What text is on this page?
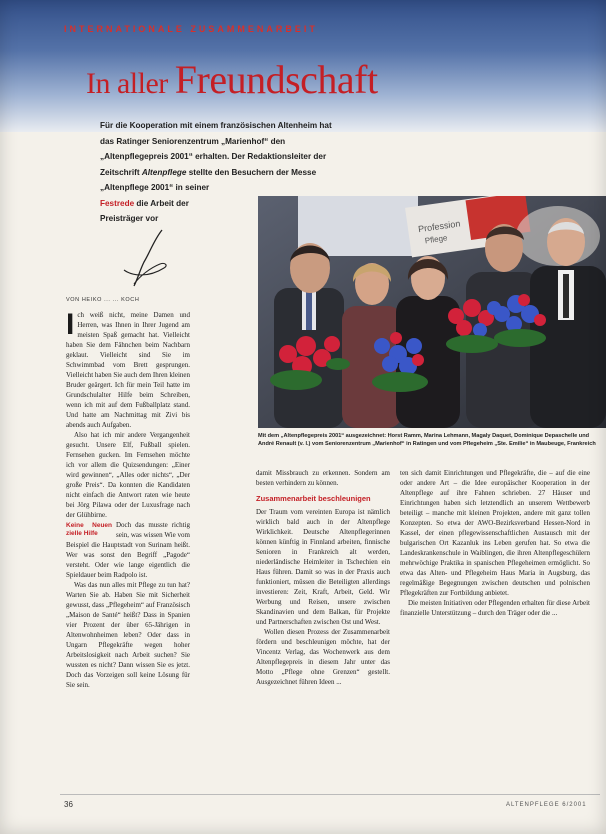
INTERNATIONALE ZUSAMMENARBEIT
In aller Freundschaft
Für die Kooperation mit einem französischen Altenheim hat
das Ratinger Seniorenzentrum „Marienhof“ den
„Altenpflegepreis 2001“ erhalten. Der Redaktionsleiter der
Zeitschrift Altenpflege stellte den Besuchern der Messe
„Altenpflege 2001“ in seiner
Festrede die Arbeit der
Preisträger vor
VON HEIKO ... ... KOCH
Ich weiß nicht, meine Damen und Herren, was Ihnen in Ihrer Jugend am meisten Spaß gemacht hat. Vielleicht haben Sie dem Fähnchen beim Nachbarn geklaut. Vielleicht sind Sie im Schwimmbad vom Brett gesprungen. Vielleicht haben Sie auch dem Ihren kleinen Bruder geärgert. Ich für mein Teil hatte im Grundschulalter Hilfe beim Schreiben, wenn ich mit auf dem Fußballplatz stand. Und hatte am Nachmittag mit Zivi bis abends auch Aufgaben.

Also hat ich mir andere Vergangenheit gesucht. Unsere Elf, Fußball spielen. Fernsehen gucken. Im Fernsehen möchte ich vor allem die Quizsendungen: „Einer wird gewinnen“, „Alles oder nichts“, „Der große Preis“. Da konnten die Kandidaten nicht einfach die Antwort raten wie heute bei Jörg Pilawa oder der Luxusfrage nach der Glühbirne.

Keine Neuen zielle Hilfe

Doch das musste richtig sein, was wissen Wie vom Beispiel die Hauptstadt von Surinam heißt. Wer was sonst den Begriff „Pagode“ versteht. Oder wie lange eigentlich die Spieldauer beim Radpolo ist.

Was das nun alles mit Pflege zu tun hat? Warten Sie ab. Haben Sie mit Sicherheit gewusst, dass „Pflegeheim“ auf Französisch „Maison de Santé“ heißt? Dass in Spanien vier Prozent der über 65-Jährigen in Altenwohnheimen leben? Oder dass in Ungarn Pflegekräfte wegen hoher Arbeitslosigkeit nach Arbeit suchen? Sie wussten es nicht? Dann wissen Sie es jetzt. Doch das Vorzeigen soll keine Lösung für Sie sein.

Profession
Pflege
Mit dem „Altenpflegepreis 2001“ ausgezeichnet: Horst Ramm, Marina Lehmann, Magaly Daquet, Dominique Depaschelle und André Renault (v. l.) vom Seniorenzentrum „Marienhof“ in Ratingen und vom Pflegeheim „Ste. Emilie“ in Maubeuge, Frankreich

damit Missbrauch zu erkennen. Sondern am besten verhindern zu können.

Zusammenarbeit beschleunigen

Der Traum vom vereinten Europa ist nämlich wirklich bald auch in der Altenpflege Wirklichkeit. Deutsche Altenpflegerinnen können künftig in Finnland arbeiten, finnische Senioren in Frankreich alt werden, niederländische Heimleiter in Tschechien ein Haus führen. Damit so was in der Praxis auch funktioniert, müssen die Beteiligten allerdings investieren: Zeit, Kraft, Arbeit, Geld. Wir Werbung und Reisen, unsere zwischen Skandinavien und dem Balkan, für Projekte und Partnerschaften zwischen Ost und West.

Wollen diesen Prozess der Zusammenarbeit fördern und beschleunigen möchte, hat der Vincentz Verlag, das Wochenwerk aus dem Altenpflegepreis in diesem Jahr unter das Motto „Pflege ohne Grenzen“ gestellt. Ausgezeichnet führen Ideen ...

ten sich damit Einrichtungen und Pflegekräfte, die – auf die eine oder andere Art – die Idee europäischer Kooperation in der Altenpflege auf ihre Fahnen schrieben. 27 Häuser und Einrichtungen haben sich letztendlich an unserem Wettbewerb beteiligt – manche mit kleinen Projekten, andere mit ganz tollen Konzepten. So etwa der AWO-Bezirksverband Hessen-Nord in Kassel, der einen pflegewissenschaftlichen Austausch mit der bulgarischen Ort Kazanluk ins Leben gerufen hat. So etwa die Landeskrankenschule in Waiblingen, die ihren Altenpflegeschülern mehrwöchige Praktika in spanischen Pflegeheimen ermöglicht. So etwa das Alten- und Pflegeheim Haus Maria in Augsburg, das regelmäßige Begegnungen zwischen deutschen und polnischen Pflegekräften zur Fortbildung anbietet.

Die meisten Initiativen oder Pflegenden erhalten für diese Arbeit finanzielle Unterstützung – durch den Träger oder die ...

36	ALTENPFLEGE 6/2001
